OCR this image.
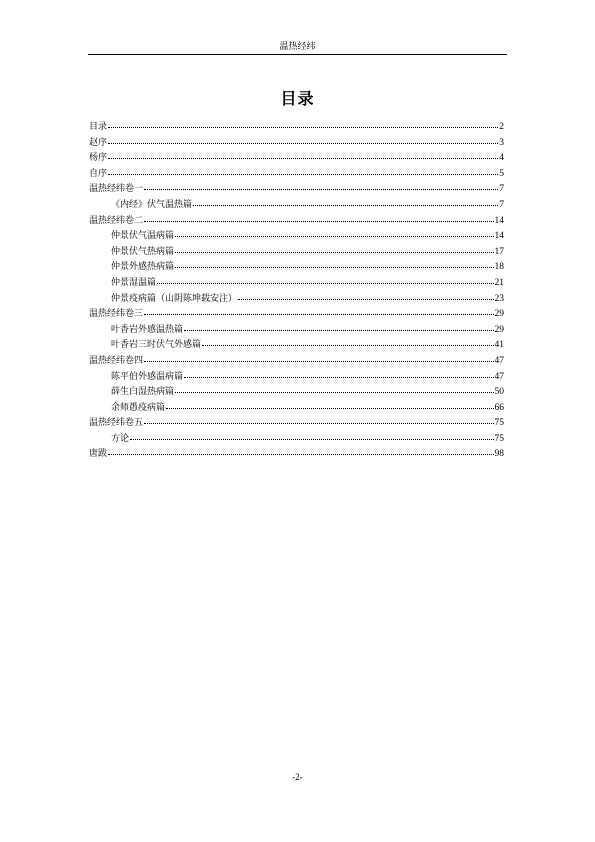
温热经纬
目录
目录	2
赵序	3
杨序	4
自序	5
温热经纬卷一	7
《内经》伏气温热篇	7
温热经纬卷二	14
仲景伏气温病篇	14
仲景伏气热病篇	17
仲景外感热病篇	18
仲景湿温篇	21
仲景疫病篇（山阴陈坤载安注）	23
温热经纬卷三	29
叶香岩外感温热篇	29
叶香岩三时伏气外感篇	41
温热经纬卷四	47
陈平伯外感温病篇	47
薛生白湿热病篇	50
余师愚疫病篇	66
温热经纬卷五	75
方论	75
唐跋	98
-2-
